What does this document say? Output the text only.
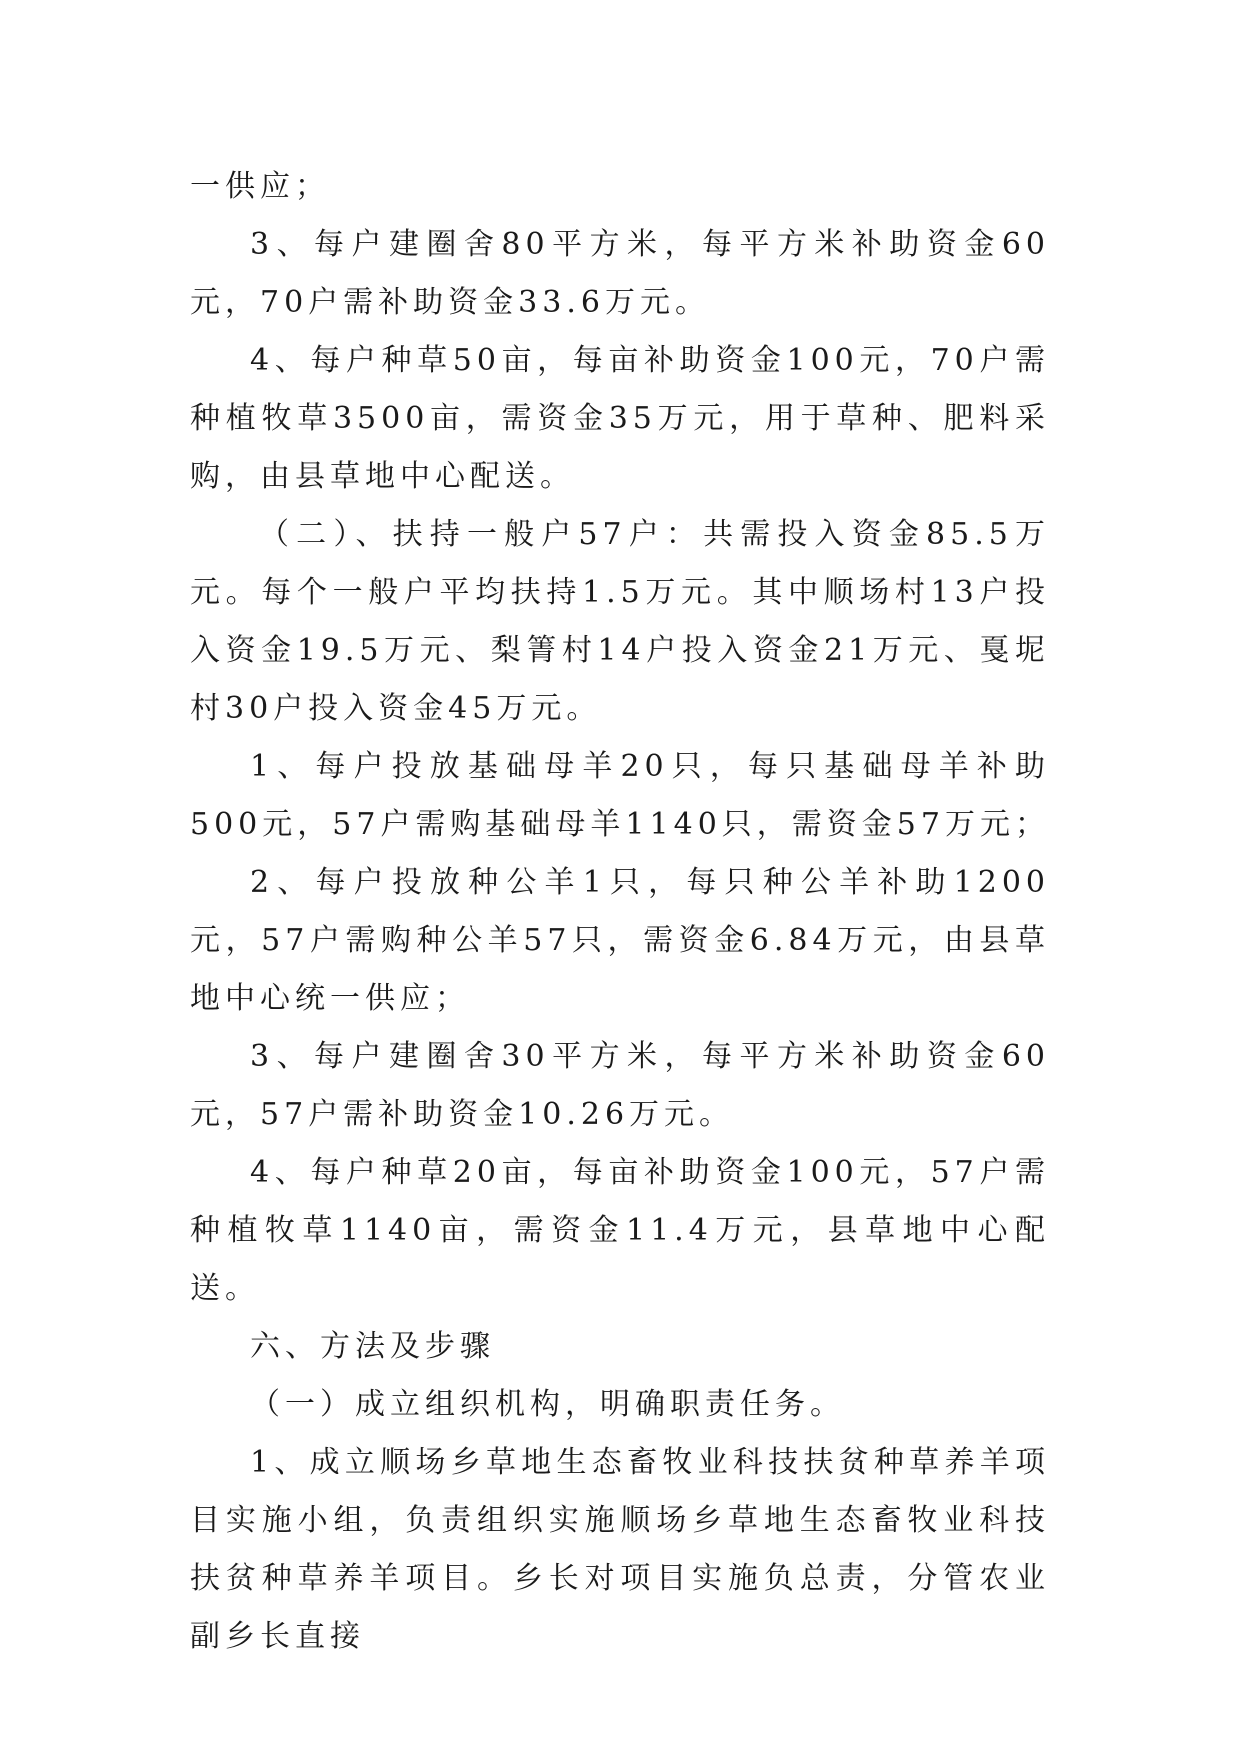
一供应；

3、每户建圈舍80平方米，每平方米补助资金60元，70户需补助资金33.6万元。

4、每户种草50亩，每亩补助资金100元，70户需种植牧草3500亩，需资金35万元，用于草种、肥料采购，由县草地中心配送。

（二）、扶持一般户57户：共需投入资金85.5万元。每个一般户平均扶持1.5万元。其中顺场村13户投入资金19.5万元、梨箐村14户投入资金21万元、戛坭村30户投入资金45万元。

1、每户投放基础母羊20只，每只基础母羊补助500元，57户需购基础母羊1140只，需资金57万元；

2、每户投放种公羊1只，每只种公羊补助1200元，57户需购种公羊57只，需资金6.84万元，由县草地中心统一供应；

3、每户建圈舍30平方米，每平方米补助资金60元，57户需补助资金10.26万元。

4、每户种草20亩，每亩补助资金100元，57户需种植牧草1140亩，需资金11.4万元，县草地中心配送。

六、方法及步骤

（一）成立组织机构，明确职责任务。

1、成立顺场乡草地生态畜牧业科技扶贫种草养羊项目实施小组，负责组织实施顺场乡草地生态畜牧业科技扶贫种草养羊项目。乡长对项目实施负总责，分管农业副乡长直接
